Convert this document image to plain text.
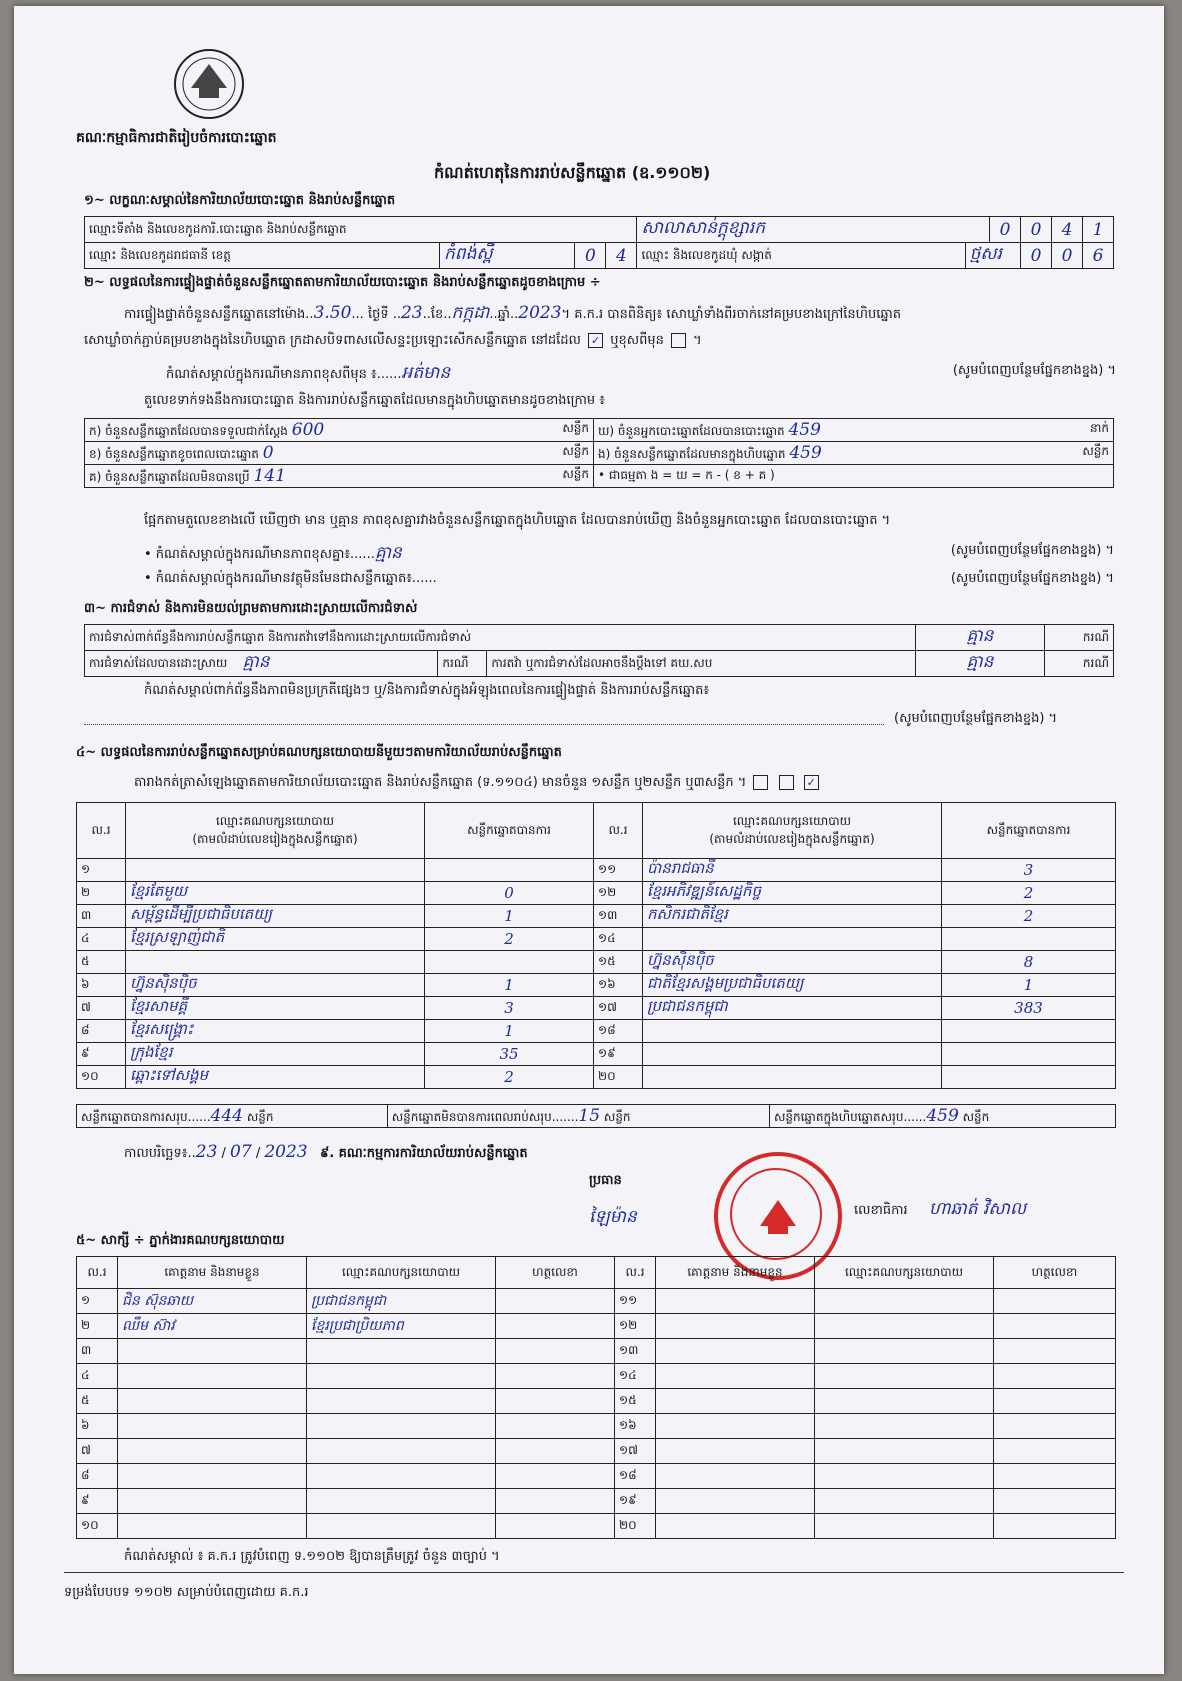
គណៈកម្មាធិការជាតិរៀបចំការបោះឆ្នោត
កំណត់ហេតុនៃការរាប់សន្លឹកឆ្នោត (ឧ.១១០២)
១~ លក្ខណៈសម្គាល់នៃការិយាល័យបោះឆ្នោត និងរាប់សន្លឹកឆ្នោត
ឈ្មោះទីតាំង និងលេខកូដការិ.បោះឆ្នោត និងរាប់សន្លឹកឆ្នោត				សាលាសាន់ក្តុខ្សារក		0	0	4	1
ឈ្មោះ និងលេខកូដរាជធានី ខេត្ត	កំពង់ស្ពឺ	0	4	ឈ្មោះ និងលេខកូដឃុំ សង្កាត់	ថ្មសរ		0	0	6
២~ លទ្ធផលនៃការផ្ទៀងផ្ទាត់ចំនួនសន្លឹកឆ្នោតតាមការិយាល័យបោះឆ្នោត និងរាប់សន្លឹកឆ្នោតដូចខាងក្រោម ÷
ការផ្ទៀងផ្ទាត់ចំនួនសន្លឹកឆ្នោតនៅម៉ោង..3.50... ថ្ងៃទី ..23..ខែ..កក្កដា..ឆ្នាំ..2023។ គ.ក.រ បានពិនិត្យ៖ សោឃ្លាំទាំងពីរចាក់នៅគម្របខាងក្រៅនៃហិបឆ្នោត
សោឃ្លាំចាក់ភ្ជាប់គម្របខាងក្នុងនៃហិបឆ្នោត ក្រដាសបិទពាសលើសន្ទះប្រឡោះសើកសន្លឹកឆ្នោត នៅដដែល ✓ ឬខុសពីមុន  ។
កំណត់សម្គាល់ក្នុងករណីមានភាពខុសពីមុន ៖......អត់មាន	(សូមបំពេញបន្ថែមផ្នែកខាងខ្នង) ។
តួលេខទាក់ទងនឹងការបោះឆ្នោត និងការរាប់សន្លឹកឆ្នោតដែលមានក្នុងហិបឆ្នោតមានដូចខាងក្រោម ៖
ក) ចំនួនសន្លឹកឆ្នោតដែលបានទទួលជាក់ស្តែង 600 សន្លឹក	ឃ) ចំនួនអ្នកបោះឆ្នោតដែលបានបោះឆ្នោត 459 នាក់

ខ) ចំនួនសន្លឹកឆ្នោតខូចពេលបោះឆ្នោត 0 សន្លឹក	ង) ចំនួនសន្លឹកឆ្នោតដែលមានក្នុងហិបឆ្នោត 459 សន្លឹក

គ) ចំនួនសន្លឹកឆ្នោតដែលមិនបានប្រើ 141 សន្លឹក	• ជាធម្មតា ង = ឃ = ក - ( ខ + គ )
ផ្អែកតាមតួលេខខាងលើ ឃើញថា មាន ឬគ្មាន ភាពខុសគ្នារវាងចំនួនសន្លឹកឆ្នោតក្នុងហិបឆ្នោត ដែលបានរាប់ឃើញ និងចំនួនអ្នកបោះឆ្នោត ដែលបានបោះឆ្នោត ។
• កំណត់សម្គាល់ក្នុងករណីមានភាពខុសគ្នា៖......គ្មាន	(សូមបំពេញបន្ថែមផ្នែកខាងខ្នង) ។
• កំណត់សម្គាល់ក្នុងករណីមានវត្ថុមិនមែនជាសន្លឹកឆ្នោត៖......	(សូមបំពេញបន្ថែមផ្នែកខាងខ្នង) ។
៣~ ការជំទាស់ និងការមិនយល់ព្រមតាមការដោះស្រាយលើការជំទាស់
ការជំទាស់ពាក់ព័ន្ធនឹងការរាប់សន្លឹកឆ្នោត និងការតវ៉ាទៅនឹងការដោះស្រាយលើការជំទាស់			គ្មាន	ករណី
ការជំទាស់ដែលបានដោះស្រាយ គ្មាន	ករណី	ការតវ៉ា ឬការជំទាស់ដែលអាចនឹងប្តឹងទៅ គឃ.សប	គ្មាន	ករណី
កំណត់សម្គាល់ពាក់ព័ន្ធនឹងភាពមិនប្រក្រតីផ្សេងៗ ឬ/និងការជំទាស់ក្នុងអំឡុងពេលនៃការផ្ទៀងផ្ទាត់ និងការរាប់សន្លឹកឆ្នោត៖
(សូមបំពេញបន្ថែមផ្នែកខាងខ្នង) ។
៤~ លទ្ធផលនៃការរាប់សន្លឹកឆ្នោតសម្រាប់គណបក្សនយោបាយនីមួយៗតាមការិយាល័យរាប់សន្លឹកឆ្នោត
តារាងកត់ត្រាសំឡេងឆ្នោតតាមការិយាល័យបោះឆ្នោត និងរាប់សន្លឹកឆ្នោត (ទ.១១០៤) មានចំនួន ១សន្លឹក ឬ២សន្លឹក ឬ៣សន្លឹក ។	✓
ល.រ	ឈ្មោះគណបក្សនយោបាយ
(តាមលំដាប់លេខរៀងក្នុងសន្លឹកឆ្នោត)	សន្លឹកឆ្នោតបានការ	ល.រ	ឈ្មោះគណបក្សនយោបាយ
(តាមលំដាប់លេខរៀងក្នុងសន្លឹកឆ្នោត)	សន្លឹកឆ្នោតបានការ
១			១១	ប៉ានរាជធានី	3
២	ខ្មែរតែមួយ	0	១២	ខ្មែរអភិវឌ្ឍន៍សេដ្ឋកិច្ច	2
៣	សម្ព័ន្ធដើម្បីប្រជាធិបតេយ្យ	1	១៣	កសិករជាតិខ្មែរ	2
៤	ខ្មែរស្រឡាញ់ជាតិ	2	១៤		
៥			១៥	ហ្វ៊ុនស៊ិនប៉ិច	8
៦	ហ្វ៊ុនស៊ិនប៉ិច	1	១៦	ជាតិខ្មែរសង្គមប្រជាធិបតេយ្យ	1
៧	ខ្មែរសាមគ្គី	3	១៧	ប្រជាជនកម្ពុជា	383
៨	ខ្មែរសង្គ្រោះ	1	១៨		
៩	ក្រុងខ្មែរ	35	១៩		
១០	ឆ្ពោះទៅសង្គម	2	២០		
សន្លឹកឆ្នោតបានការសរុប......444 សន្លឹក	សន្លឹកឆ្នោតមិនបានការពេលរាប់សរុប.......15 សន្លឹក	សន្លឹកឆ្នោតក្នុងហិបឆ្នោតសរុប......459 សន្លឹក
កាលបរិច្ឆេទ៖..23 / 07 / 2023 ៩. គណៈកម្មការការិយាល័យរាប់សន្លឹកឆ្នោត
ប្រធាន
ឡៃម៉ាន	លេខាធិការ ហាឆាត់ វិសាល
៥~ សាក្សី ÷ ភ្នាក់ងារគណបក្សនយោបាយ
ល.រ	គោត្តនាម និងនាមខ្លួន	ឈ្មោះគណបក្សនយោបាយ	ហត្ថលេខា	ល.រ	គោត្តនាម និងនាមខ្លួន	ឈ្មោះគណបក្សនយោបាយ	ហត្ថលេខា
១	ជិន ស៊ុនឆាយ	ប្រជាជនកម្ពុជា		១១			
២	ឈឹម ស៊ាវ	ខ្មែរប្រជាប្រិយភាព		១២			
៣				១៣			
៤				១៤			
៥				១៥			
៦				១៦			
៧				១៧			
៨				១៨			
៩				១៩			
១០				២០			
កំណត់សម្គាល់ ៖ គ.ក.រ ត្រូវបំពេញ ទ.១១០២ ឱ្យបានត្រឹមត្រូវ ចំនួន ៣ច្បាប់ ។
ទម្រង់បែបបទ ១១០២ សម្រាប់បំពេញដោយ គ.ក.រ
